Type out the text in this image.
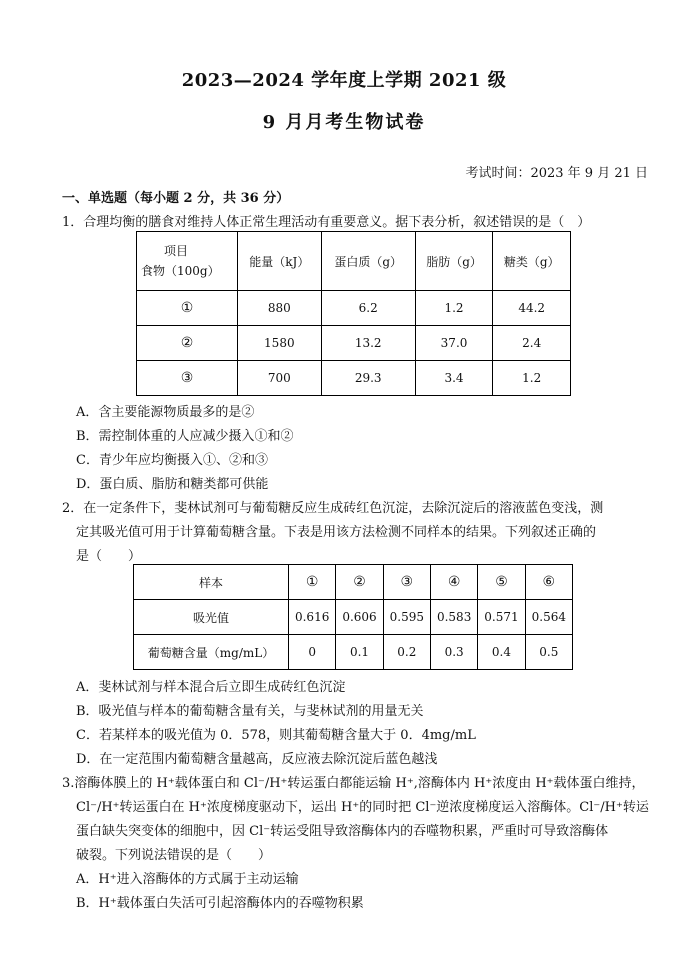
2023—2024 学年度上学期 2021 级
9 月月考生物试卷
考试时间：2023 年 9 月 21 日
一、单选题（每小题 2 分，共 36 分）
1．合理均衡的膳食对维持人体正常生理活动有重要意义。据下表分析，叙述错误的是（　）
项目
食物（100g）	能量（kJ）	蛋白质（g）	脂肪（g）	糖类（g）
①	880	6.2	1.2	44.2
②	1580	13.2	37.0	2.4
③	700	29.3	3.4	1.2
A．含主要能源物质最多的是②
B．需控制体重的人应减少摄入①和②
C．青少年应均衡摄入①、②和③
D．蛋白质、脂肪和糖类都可供能
2．在一定条件下，斐林试剂可与葡萄糖反应生成砖红色沉淀，去除沉淀后的溶液蓝色变浅，测
定其吸光值可用于计算葡萄糖含量。下表是用该方法检测不同样本的结果。下列叙述正确的
是（　　）
样本	①	②	③	④	⑤	⑥
吸光值	0.616	0.606	0.595	0.583	0.571	0.564
葡萄糖含量（mg/mL）	0	0.1	0.2	0.3	0.4	0.5
A．斐林试剂与样本混合后立即生成砖红色沉淀
B．吸光值与样本的葡萄糖含量有关，与斐林试剂的用量无关
C．若某样本的吸光值为 0．578，则其葡萄糖含量大于 0．4mg/mL
D．在一定范围内葡萄糖含量越高，反应液去除沉淀后蓝色越浅
3.溶酶体膜上的 H⁺载体蛋白和 Cl⁻/H⁺转运蛋白都能运输 H⁺,溶酶体内 H⁺浓度由 H⁺载体蛋白维持，
Cl⁻/H⁺转运蛋白在 H⁺浓度梯度驱动下，运出 H⁺的同时把 Cl⁻逆浓度梯度运入溶酶体。Cl⁻/H⁺转运
蛋白缺失突变体的细胞中，因 Cl⁻转运受阻导致溶酶体内的吞噬物积累，严重时可导致溶酶体
破裂。下列说法错误的是（　　）
A．H⁺进入溶酶体的方式属于主动运输
B．H⁺载体蛋白失活可引起溶酶体内的吞噬物积累
